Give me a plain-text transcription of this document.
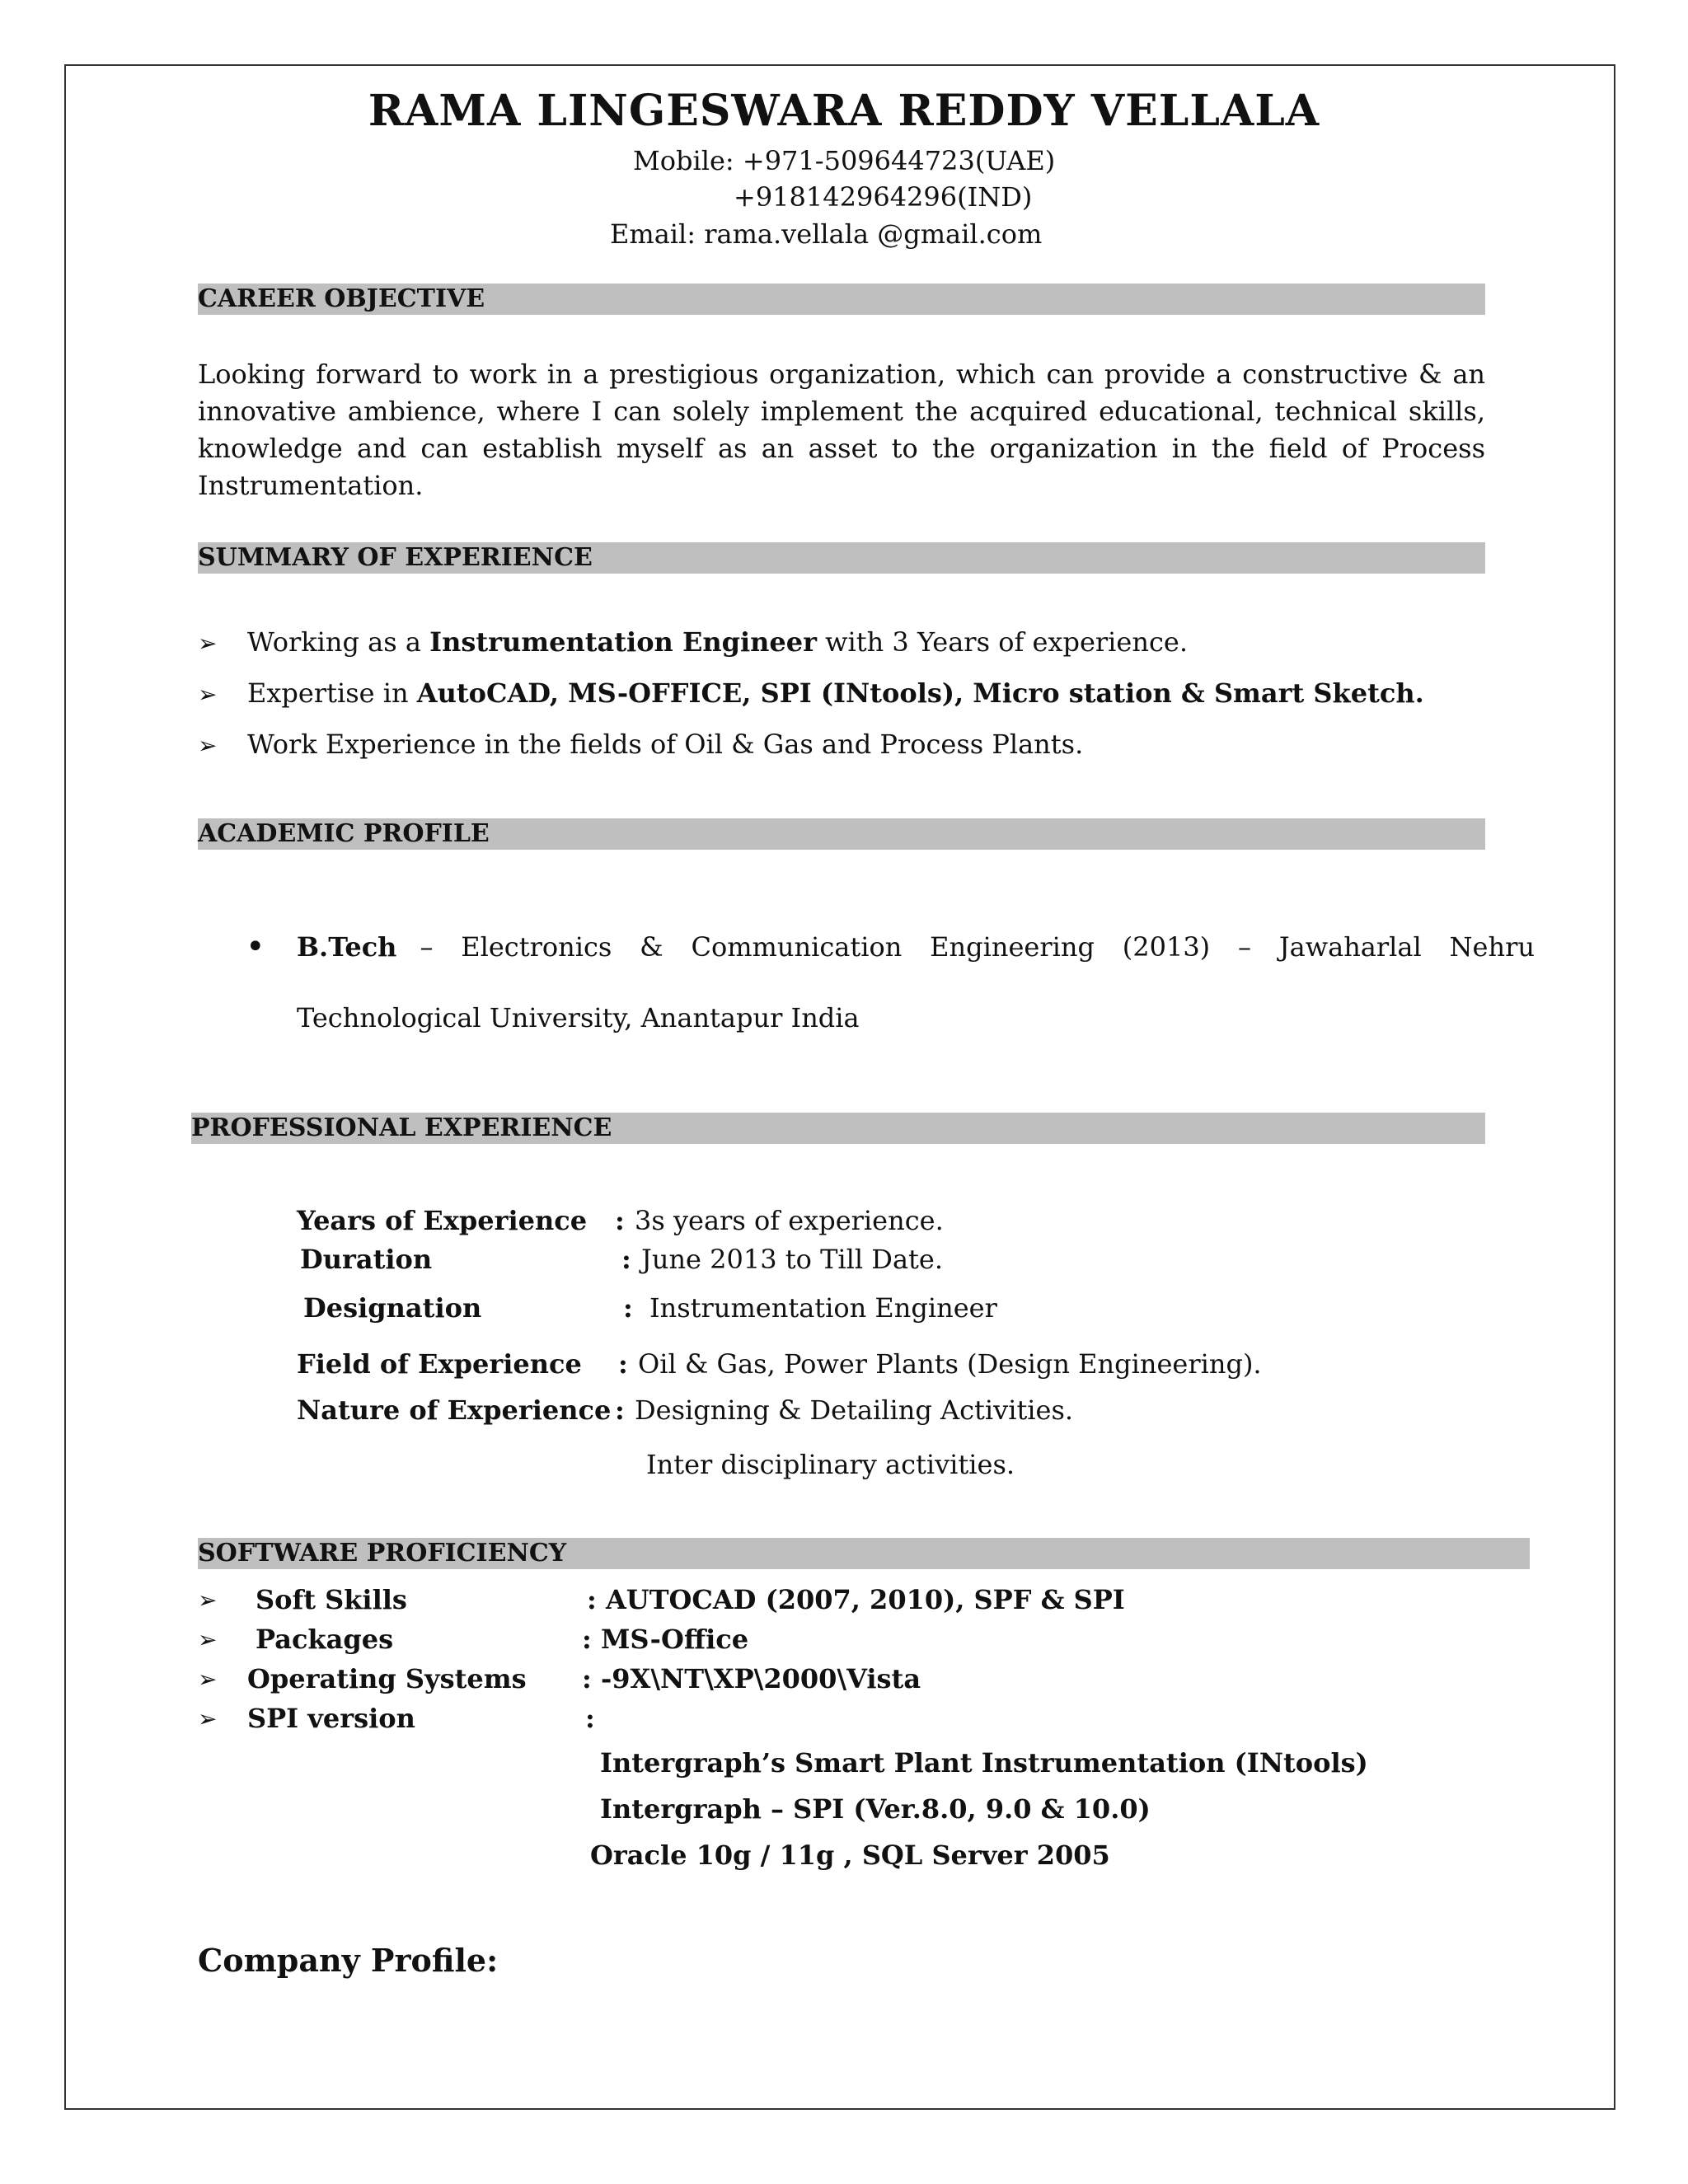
RAMA LINGESWARA REDDY VELLALA
Mobile: +971-509644723(UAE)
+918142964296(IND)
Email: rama.vellala @gmail.com
CAREER OBJECTIVE
Looking forward to work in a prestigious organization, which can provide a constructive & an
innovative ambience, where I can solely implement the acquired educational, technical skills,
knowledge and can establish myself as an asset to the organization in the field of Process
Instrumentation.
SUMMARY OF EXPERIENCE
➢ Working as a Instrumentation Engineer with 3 Years of experience.
➢ Expertise in AutoCAD, MS-OFFICE, SPI (INtools), Micro station & Smart Sketch.
➢ Work Experience in the fields of Oil & Gas and Process Plants.
ACADEMIC PROFILE
• B.Tech – Electronics & Communication Engineering (2013) – Jawaharlal Nehru
Technological University, Anantapur India
PROFESSIONAL EXPERIENCE
Years of Experience : 3s years of experience.
Duration	: June 2013 to Till Date.
Designation	: Instrumentation Engineer
Field of Experience : Oil & Gas, Power Plants (Design Engineering).
Nature of Experience : Designing & Detailing Activities.
Inter disciplinary activities.
SOFTWARE PROFICIENCY
➢ Soft Skills	: AUTOCAD (2007, 2010), SPF & SPI
➢ Packages	: MS-Office
➢ Operating Systems : -9X\NT\XP\2000\Vista
➢ SPI version	:
Intergraph’s Smart Plant Instrumentation (INtools)
Intergraph – SPI (Ver.8.0, 9.0 & 10.0)
Oracle 10g / 11g , SQL Server 2005
Company Profile:
